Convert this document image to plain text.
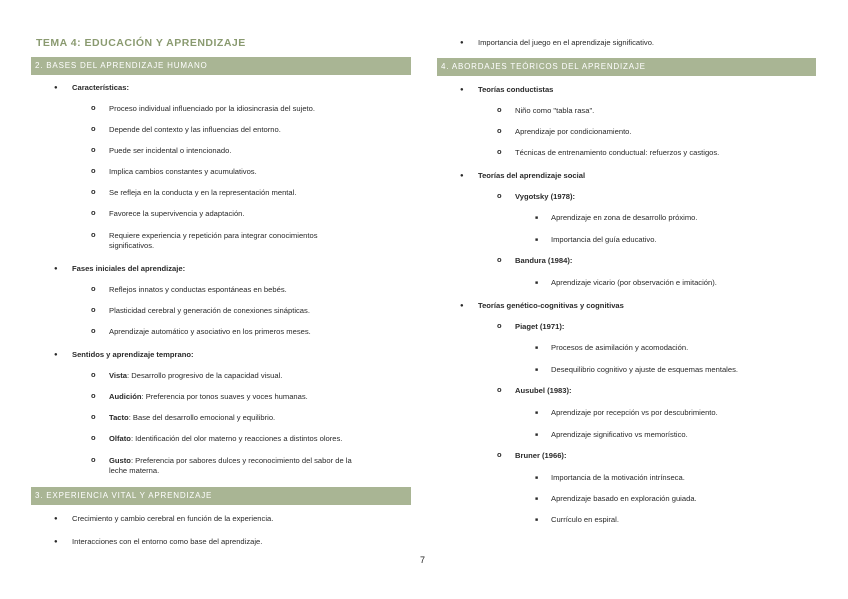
TEMA 4: EDUCACIÓN Y APRENDIZAJE
2. BASES DEL APRENDIZAJE HUMANO
● Características:
o Proceso individual influenciado por la idiosincrasia del sujeto.
o Depende del contexto y las influencias del entorno.
o Puede ser incidental o intencionado.
o Implica cambios constantes y acumulativos.
o Se refleja en la conducta y en la representación mental.
o Favorece la supervivencia y adaptación.
o Requiere experiencia y repetición para integrar conocimientos
significativos.
● Fases iniciales del aprendizaje:
o Reflejos innatos y conductas espontáneas en bebés.
o Plasticidad cerebral y generación de conexiones sinápticas.
o Aprendizaje automático y asociativo en los primeros meses.
● Sentidos y aprendizaje temprano:
o Vista: Desarrollo progresivo de la capacidad visual.
o Audición: Preferencia por tonos suaves y voces humanas.
o Tacto: Base del desarrollo emocional y equilibrio.
o Olfato: Identificación del olor materno y reacciones a distintos olores.
o Gusto: Preferencia por sabores dulces y reconocimiento del sabor de la
leche materna.
3. EXPERIENCIA VITAL Y APRENDIZAJE
● Crecimiento y cambio cerebral en función de la experiencia.
● Interacciones con el entorno como base del aprendizaje.
● Importancia del juego en el aprendizaje significativo.
4. ABORDAJES TEÓRICOS DEL APRENDIZAJE
● Teorías conductistas
o Niño como "tabla rasa".
o Aprendizaje por condicionamiento.
o Técnicas de entrenamiento conductual: refuerzos y castigos.
● Teorías del aprendizaje social
o Vygotsky (1978):
■ Aprendizaje en zona de desarrollo próximo.
■ Importancia del guía educativo.
o Bandura (1984):
■ Aprendizaje vicario (por observación e imitación).
● Teorías genético-cognitivas y cognitivas
o Piaget (1971):
■ Procesos de asimilación y acomodación.
■ Desequilibrio cognitivo y ajuste de esquemas mentales.
o Ausubel (1983):
■ Aprendizaje por recepción vs por descubrimiento.
■ Aprendizaje significativo vs memorístico.
o Bruner (1966):
■ Importancia de la motivación intrínseca.
■ Aprendizaje basado en exploración guiada.
■ Currículo en espiral.
7
